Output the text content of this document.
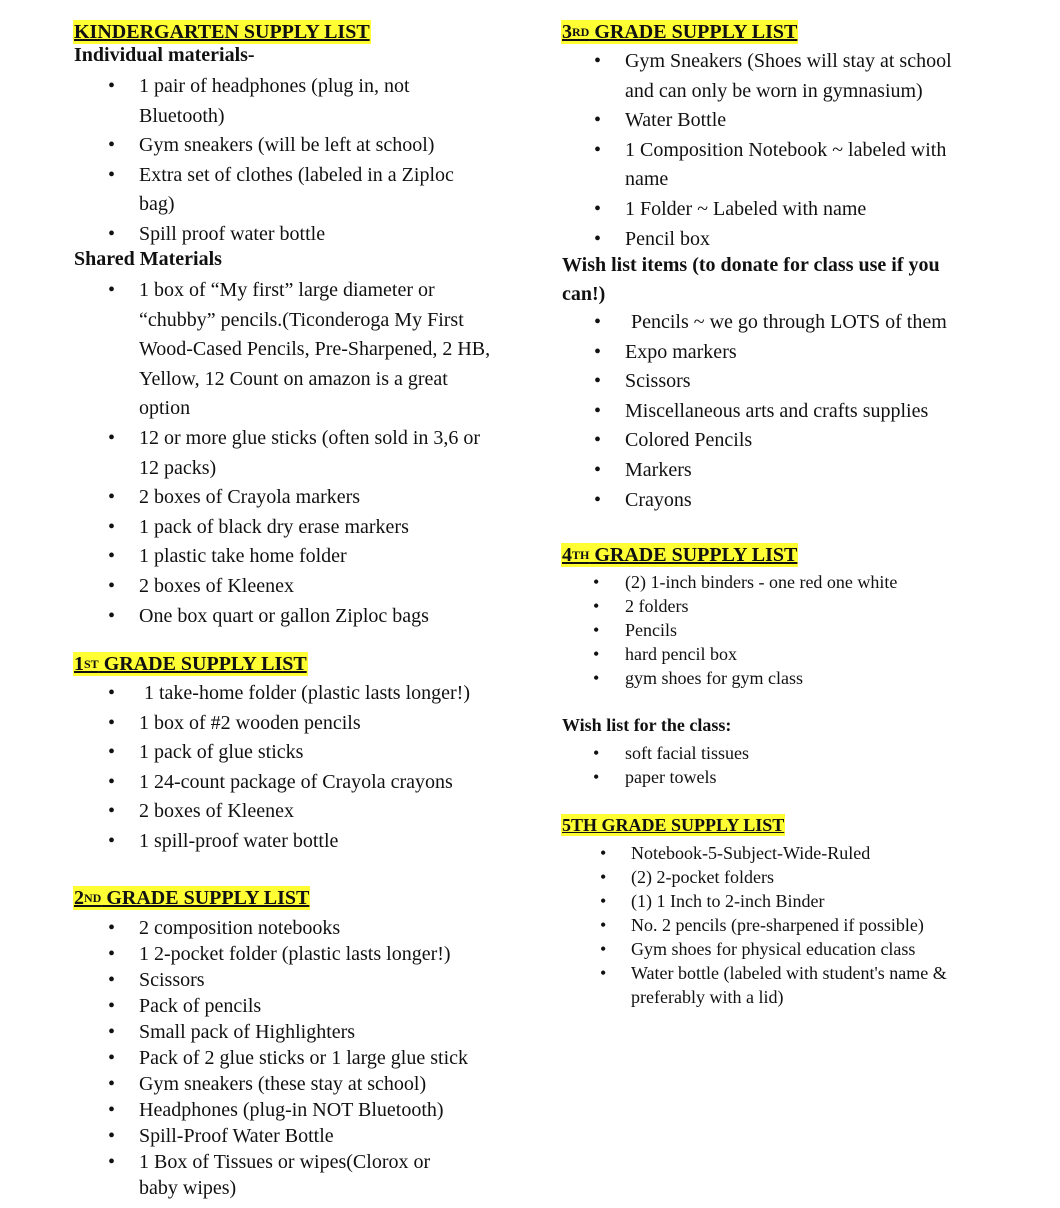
KINDERGARTEN SUPPLY LIST
Individual materials-
• 1 pair of headphones (plug in, not Bluetooth)
• Gym sneakers (will be left at school)
• Extra set of clothes (labeled in a Ziploc bag)
• Spill proof water bottle
Shared Materials
• 1 box of “My first” large diameter or “chubby” pencils.(Ticonderoga My First Wood-Cased Pencils, Pre-Sharpened, 2 HB, Yellow, 12 Count on amazon is a great option
• 12 or more glue sticks (often sold in 3,6 or 12 packs)
• 2 boxes of Crayola markers
• 1 pack of black dry erase markers
• 1 plastic take home folder
• 2 boxes of Kleenex
• One box quart or gallon Ziploc bags
1ST GRADE SUPPLY LIST
• 1 take-home folder (plastic lasts longer!)
• 1 box of #2 wooden pencils
• 1 pack of glue sticks
• 1 24-count package of Crayola crayons
• 2 boxes of Kleenex
• 1 spill-proof water bottle
2ND GRADE SUPPLY LIST
• 2 composition notebooks
• 1 2-pocket folder (plastic lasts longer!)
• Scissors
• Pack of pencils
• Small pack of Highlighters
• Pack of 2 glue sticks or 1 large glue stick
• Gym sneakers (these stay at school)
• Headphones (plug-in NOT Bluetooth)
• Spill-Proof Water Bottle
• 1 Box of Tissues or wipes(Clorox or baby wipes)
3RD GRADE SUPPLY LIST
• Gym Sneakers (Shoes will stay at school and can only be worn in gymnasium)
• Water Bottle
• 1 Composition Notebook ~ labeled with name
• 1 Folder ~ Labeled with name
• Pencil box
Wish list items (to donate for class use if you can!)
• Pencils ~ we go through LOTS of them
• Expo markers
• Scissors
• Miscellaneous arts and crafts supplies
• Colored Pencils
• Markers
• Crayons
4TH GRADE SUPPLY LIST
• (2) 1-inch binders - one red one white
• 2 folders
• Pencils
• hard pencil box
• gym shoes for gym class
Wish list for the class:
• soft facial tissues
• paper towels
5TH GRADE SUPPLY LIST
• Notebook-5-Subject-Wide-Ruled
• (2) 2-pocket folders
• (1) 1 Inch to 2-inch Binder
• No. 2 pencils (pre-sharpened if possible)
• Gym shoes for physical education class
• Water bottle (labeled with student's name & preferably with a lid)
